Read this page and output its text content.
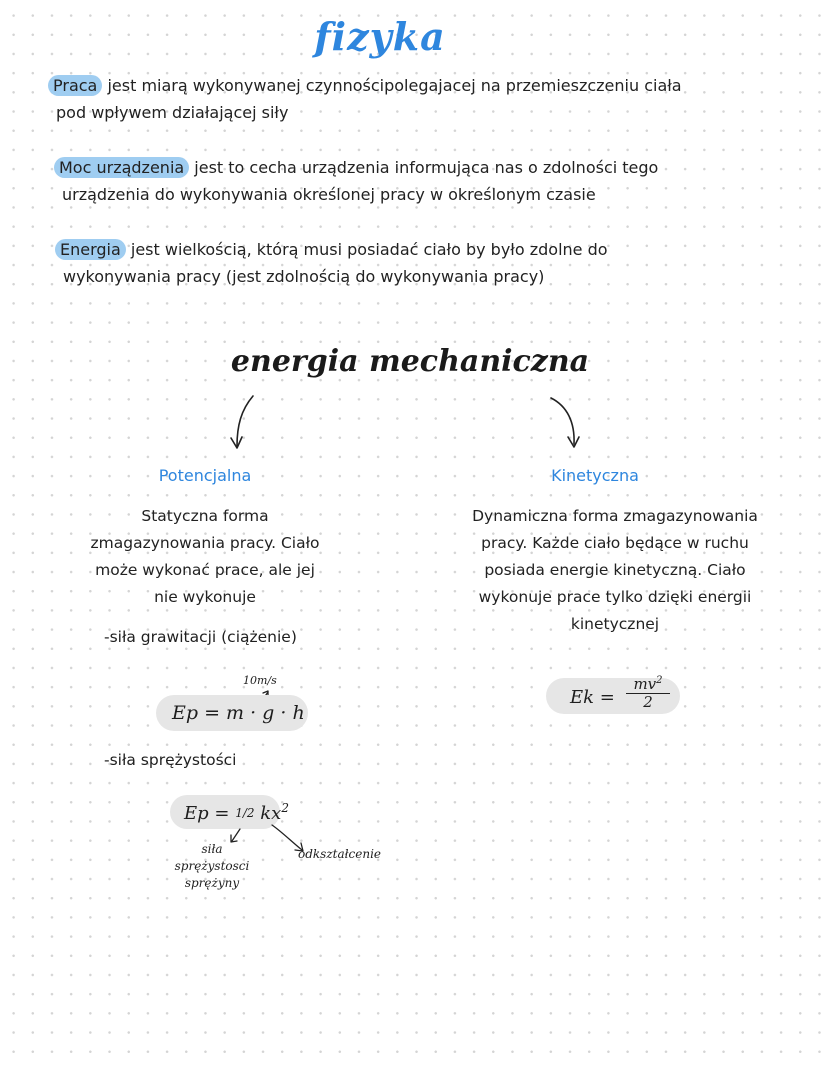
fizyka
Praca jest miarą wykonywanej czynnościpolegajacej na przemieszczeniu ciała
pod wpływem działającej siły
Moc urządzenia jest to cecha urządzenia informująca nas o zdolności tego
urządzenia do wykonywania określonej pracy w określonym czasie
Energia jest wielkością, którą musi posiadać ciało by było zdolne do
wykonywania pracy (jest zdolnością do wykonywania pracy)
energia mechaniczna
Potencjalna
Statyczna forma
zmagazynowania pracy. Ciało
może wykonać prace, ale jej
nie wykonuje
-siła grawitacji (ciążenie)
10m/s
Ep = m · g · h
-siła sprężystości
Ep = 1/2 $kx^2$
siła
sprężystosci
sprężyny
odkształcenie
Kinetyczna
Dynamiczna forma zmagazynowania
pracy. Każde ciało będące w ruchu
posiada energie kinetyczną. Ciało
wykonuje prace tylko dzięki energii
kinetycznej
Ek =
$mv^2$
2
